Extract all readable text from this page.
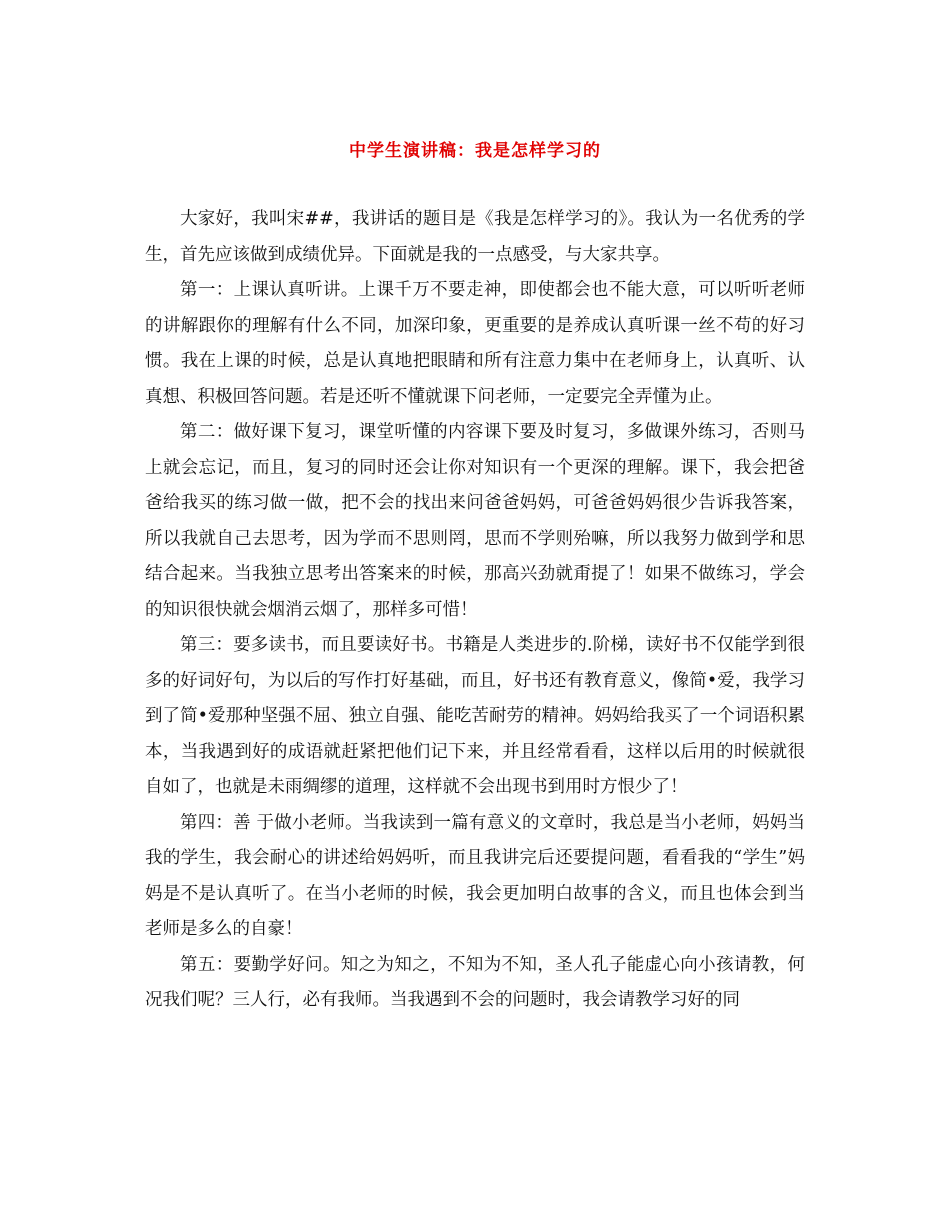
中学生演讲稿：我是怎样学习的

大家好，我叫宋##，我讲话的题目是《我是怎样学习的》。我认为一名优秀的学生，首先应该做到成绩优异。下面就是我的一点感受，与大家共享。

第一：上课认真听讲。上课千万不要走神，即使都会也不能大意，可以听听老师的讲解跟你的理解有什么不同，加深印象，更重要的是养成认真听课一丝不苟的好习惯。我在上课的时候，总是认真地把眼睛和所有注意力集中在老师身上，认真听、认真想、积极回答问题。若是还听不懂就课下问老师，一定要完全弄懂为止。

第二：做好课下复习，课堂听懂的内容课下要及时复习，多做课外练习，否则马上就会忘记，而且，复习的同时还会让你对知识有一个更深的理解。课下，我会把爸爸给我买的练习做一做，把不会的找出来问爸爸妈妈，可爸爸妈妈很少告诉我答案，所以我就自己去思考，因为学而不思则罔，思而不学则殆嘛，所以我努力做到学和思结合起来。当我独立思考出答案来的时候，那高兴劲就甭提了！如果不做练习，学会的知识很快就会烟消云烟了，那样多可惜！

第三：要多读书，而且要读好书。书籍是人类进步的.阶梯，读好书不仅能学到很多的好词好句，为以后的写作打好基础，而且，好书还有教育意义，像简•爱，我学习到了简•爱那种坚强不屈、独立自强、能吃苦耐劳的精神。妈妈给我买了一个词语积累本，当我遇到好的成语就赶紧把他们记下来，并且经常看看，这样以后用的时候就很自如了，也就是未雨绸缪的道理，这样就不会出现书到用时方恨少了！

第四：善 于做小老师。当我读到一篇有意义的文章时，我总是当小老师，妈妈当我的学生，我会耐心的讲述给妈妈听，而且我讲完后还要提问题，看看我的“学生”妈妈是不是认真听了。在当小老师的时候，我会更加明白故事的含义，而且也体会到当老师是多么的自豪！

第五：要勤学好问。知之为知之，不知为不知，圣人孔子能虚心向小孩请教，何况我们呢？三人行，必有我师。当我遇到不会的问题时，我会请教学习好的同
